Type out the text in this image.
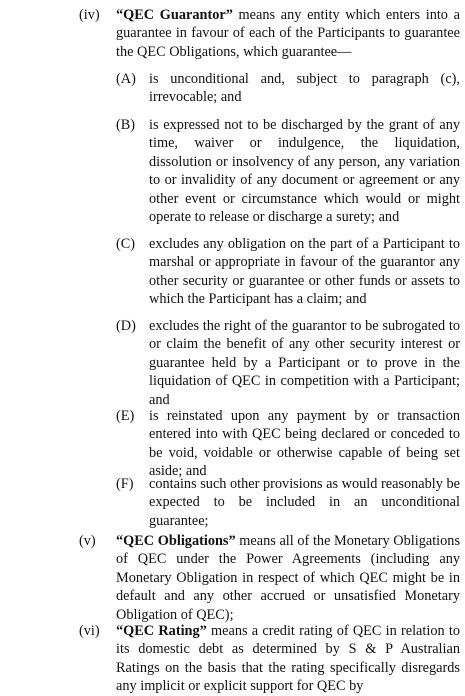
(iv) “QEC Guarantor” means any entity which enters into a guarantee in favour of each of the Participants to guarantee the QEC Obligations, which guarantee—
(A) is unconditional and, subject to paragraph (c), irrevocable; and
(B) is expressed not to be discharged by the grant of any time, waiver or indulgence, the liquidation, dissolution or insolvency of any person, any variation to or invalidity of any document or agreement or any other event or circumstance which would or might operate to release or discharge a surety; and
(C) excludes any obligation on the part of a Participant to marshal or appropriate in favour of the guarantor any other security or guarantee or other funds or assets to which the Participant has a claim; and
(D) excludes the right of the guarantor to be subrogated to or claim the benefit of any other security interest or guarantee held by a Participant or to prove in the liquidation of QEC in competition with a Participant; and
(E) is reinstated upon any payment by or transaction entered into with QEC being declared or conceded to be void, voidable or otherwise capable of being set aside; and
(F) contains such other provisions as would reasonably be expected to be included in an unconditional guarantee;
(v) “QEC Obligations” means all of the Monetary Obligations of QEC under the Power Agreements (including any Monetary Obligation in respect of which QEC might be in default and any other accrued or unsatisfied Monetary Obligation of QEC);
(vi) “QEC Rating” means a credit rating of QEC in relation to its domestic debt as determined by S & P Australian Ratings on the basis that the rating specifically disregards any implicit or explicit support for QEC by
